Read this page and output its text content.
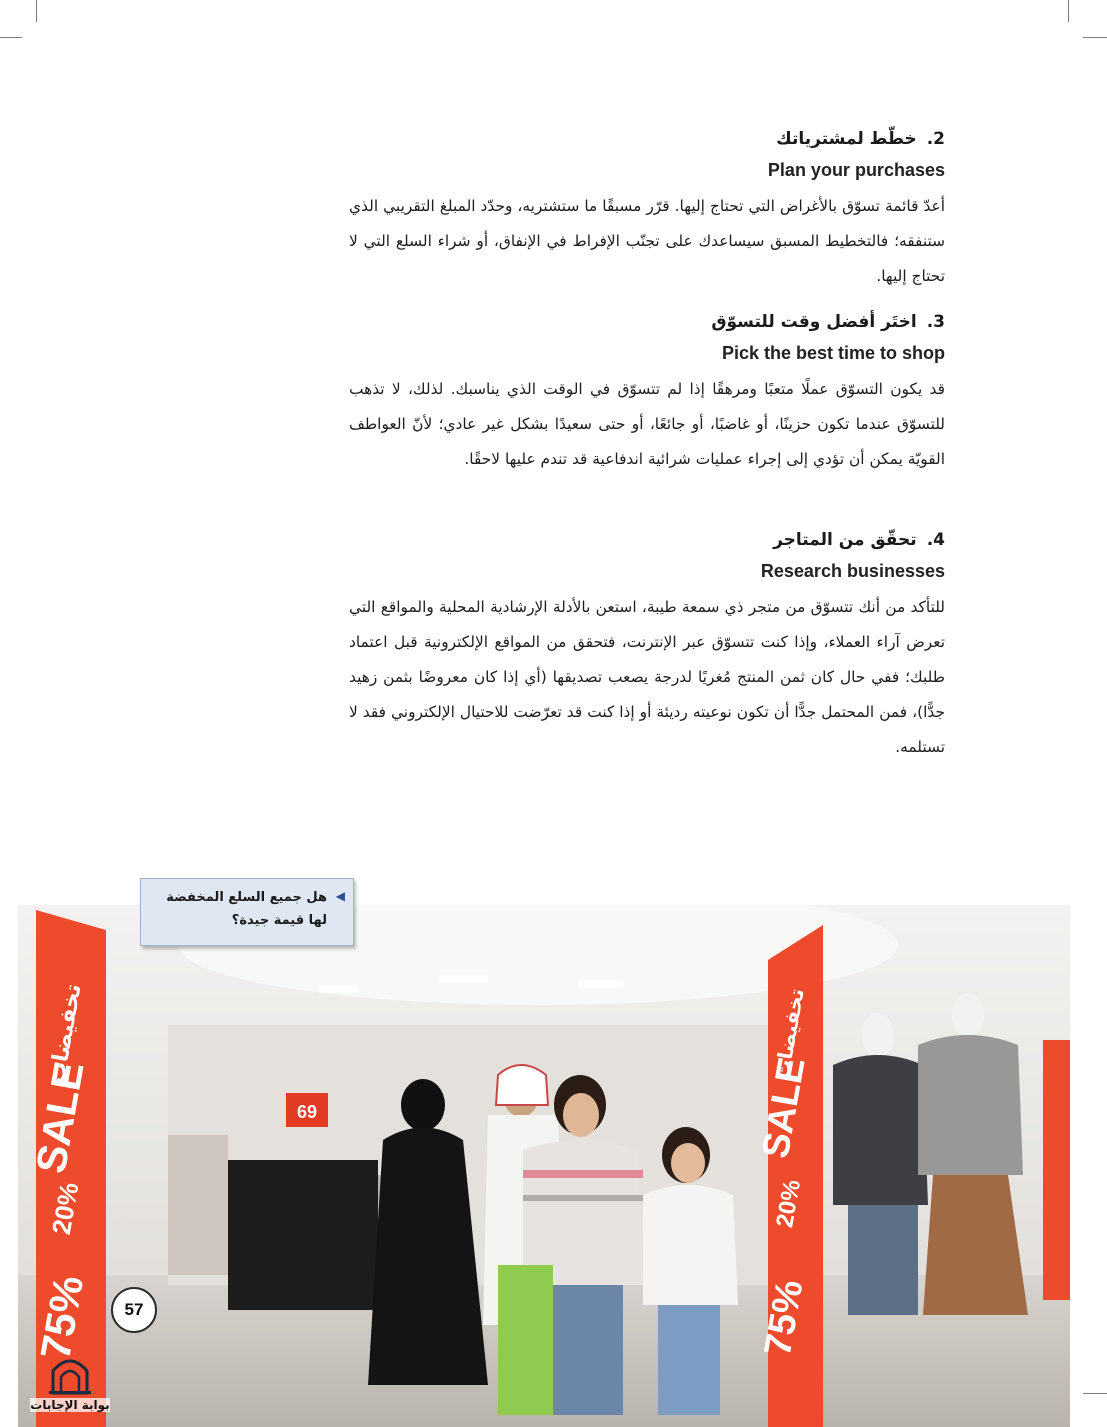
2.خطّط لمشترياتك
Plan your purchases
أعدّ قائمة تسوّق بالأغراض التي تحتاج إليها. قرّر مسبقًا ما ستشتريه، وحدّد المبلغ التقريبي الذي ستنفقه؛ فالتخطيط المسبق سيساعدك على تجنّب الإفراط في الإنفاق، أو شراء السلع التي لا تحتاج إليها.
3.اختَر أفضل وقت للتسوّق
Pick the best time to shop
قد يكون التسوّق عملًا متعبًا ومرهقًا إذا لم تتسوّق في الوقت الذي يناسبك. لذلك، لا تذهب للتسوّق عندما تكون حزينًا، أو غاضبًا، أو جائعًا، أو حتى سعيدًا بشكل غير عادي؛ لأنّ العواطف القويّة يمكن أن تؤدي إلى إجراء عمليات شرائية اندفاعية قد تندم عليها لاحقًا.
4.تحقّق من المتاجر
Research businesses
للتأكد من أنك تتسوّق من متجر ذي سمعة طيبة، استعن بالأدلة الإرشادية المحلية والمواقع التي تعرض آراء العملاء، وإذا كنت تتسوّق عبر الإنترنت، فتحقق من المواقع الإلكترونية قبل اعتماد طلبك؛ ففي حال كان ثمن المنتج مُغريًا لدرجة يصعب تصديقها (أي إذا كان معروضًا بثمن زهيد جدًّا)، فمن المحتمل جدًّا أن تكون نوعيته رديئة أو إذا كنت قد تعرّضت للاحتيال الإلكتروني فقد لا تستلمه.
69
تخفيضات
SALE
20%
75%
تخفيضات
SALE
20%
75%
◀
هل جميع السلع المخفضة
لها قيمة جيدة؟
57
بوابة الإجابات
